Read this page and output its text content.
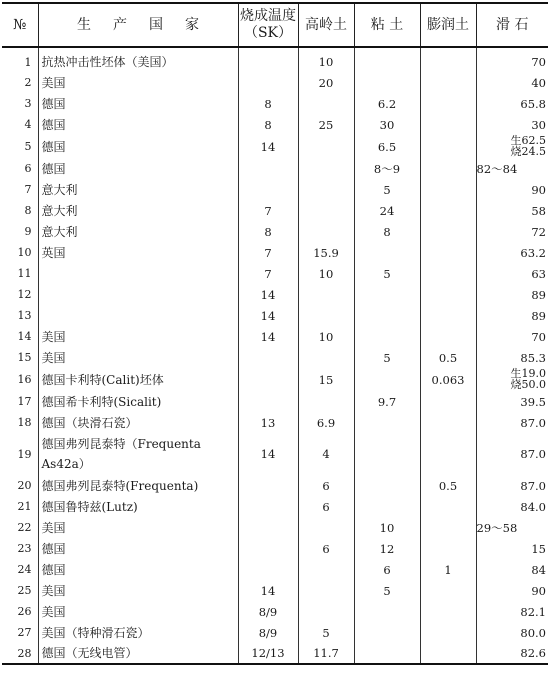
№	生产国家	烧成温度（SK）	高岭土	粘 土	膨润土	滑 石
1	抗热冲击性坯体（美国）		10			70
2	美国		20			40
3	德国	8		6.2		65.8
4	德国	8	25	30		30
5	德国	14		6.5		生62.5
烧24.5

6	德国			8～9		82～84
7	意大利			5		90
8	意大利	7		24		58
9	意大利	8		8		72
10	英国	7	15.9			63.2
11		7	10	5		63
12		14				89
13		14				89
14	美国	14	10			70
15	美国			5	0.5	85.3
16	德国卡利特(Calit)坯体		15		0.063	生19.0
烧50.0

17	德国希卡利特(Sicalit)			9.7		39.5
18	德国（块滑石瓷）	13	6.9			87.0
19	德国弗列昆泰特（Frequenta As42a）	14	4			87.0
20	德国弗列昆泰特(Frequenta)		6		0.5	87.0
21	德国鲁特兹(Lutz)		6			84.0
22	美国			10		29～58
23	德国		6	12		15
24	德国			6	1	84
25	美国	14		5		90
26	美国	8/9				82.1
27	美国（特种滑石瓷）	8/9	5			80.0
28	德国（无线电管）	12/13	11.7			82.6
